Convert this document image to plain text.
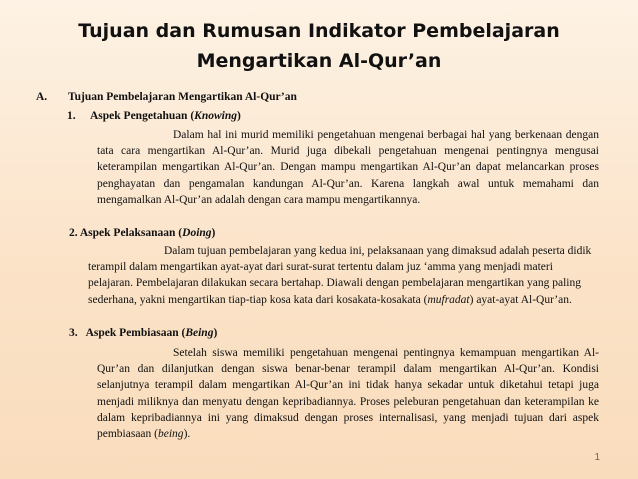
Tujuan dan Rumusan Indikator Pembelajaran
Mengartikan Al-Qur’an
A. Tujuan Pembelajaran Mengartikan Al-Qur’an
1. Aspek Pengetahuan (Knowing)

Dalam hal ini murid memiliki pengetahuan mengenai berbagai hal yang berkenaan dengan tata cara mengartikan Al-Qur’an. Murid juga dibekali pengetahuan mengenai pentingnya mengusai keterampilan mengartikan Al-Qur’an. Dengan mampu mengartikan Al-Qur’an dapat melancarkan proses penghayatan dan pengamalan kandungan Al-Qur’an. Karena langkah awal untuk memahami dan mengamalkan Al-Qur’an adalah dengan cara mampu mengartikannya.

2. Aspek Pelaksanaan (Doing)

Dalam tujuan pembelajaran yang kedua ini, pelaksanaan yang dimaksud adalah peserta didik terampil dalam mengartikan ayat-ayat dari surat-surat tertentu dalam juz ‘amma yang menjadi materi pelajaran. Pembelajaran dilakukan secara bertahap. Diawali dengan pembelajaran mengartikan yang paling sederhana, yakni mengartikan tiap-tiap kosa kata dari kosakata-kosakata (mufradat) ayat-ayat Al-Qur’an.

3. Aspek Pembiasaan (Being)

Setelah siswa memiliki pengetahuan mengenai pentingnya kemampuan mengartikan Al-Qur’an dan dilanjutkan dengan siswa benar-benar terampil dalam mengartikan Al-Qur’an. Kondisi selanjutnya terampil dalam mengartikan Al-Qur’an ini tidak hanya sekadar untuk diketahui tetapi juga menjadi miliknya dan menyatu dengan kepribadiannya. Proses peleburan pengetahuan dan keterampilan ke dalam kepribadiannya ini yang dimaksud dengan proses internalisasi, yang menjadi tujuan dari aspek pembiasaan (being).

1
